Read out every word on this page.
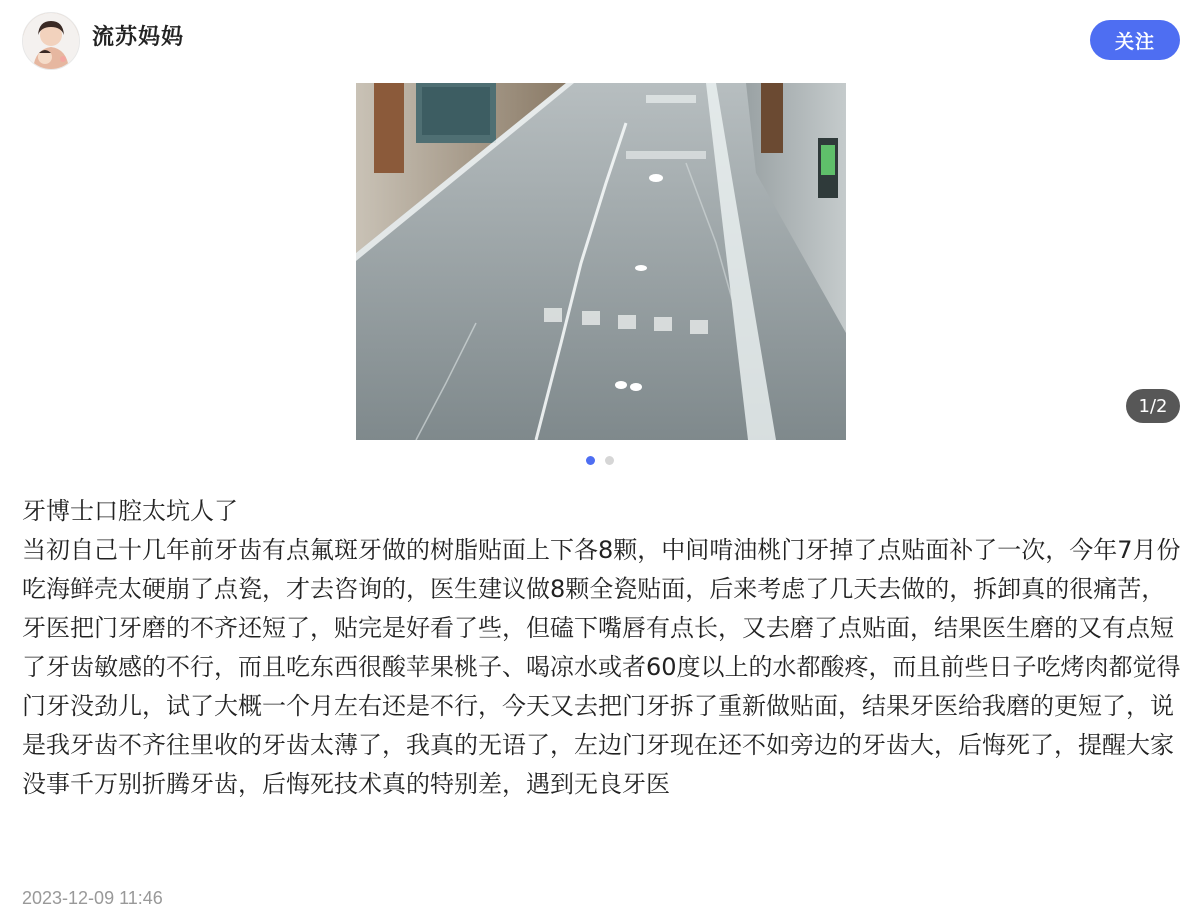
流苏妈妈	关注
1/2
牙博士口腔太坑人了
当初自己十几年前牙齿有点氟斑牙做的树脂贴面上下各8颗，中间啃油桃门牙掉了点贴面补了一次，今年7月份吃海鲜壳太硬崩了点瓷，才去咨询的，医生建议做8颗全瓷贴面，后来考虑了几天去做的，拆卸真的很痛苦，牙医把门牙磨的不齐还短了，贴完是好看了些，但磕下嘴唇有点长，又去磨了点贴面，结果医生磨的又有点短了牙齿敏感的不行，而且吃东西很酸苹果桃子、喝凉水或者60度以上的水都酸疼，而且前些日子吃烤肉都觉得门牙没劲儿，试了大概一个月左右还是不行，今天又去把门牙拆了重新做贴面，结果牙医给我磨的更短了，说是我牙齿不齐往里收的牙齿太薄了，我真的无语了，左边门牙现在还不如旁边的牙齿大，后悔死了，提醒大家没事千万别折腾牙齿，后悔死技术真的特别差，遇到无良牙医
2023-12-09 11:46
